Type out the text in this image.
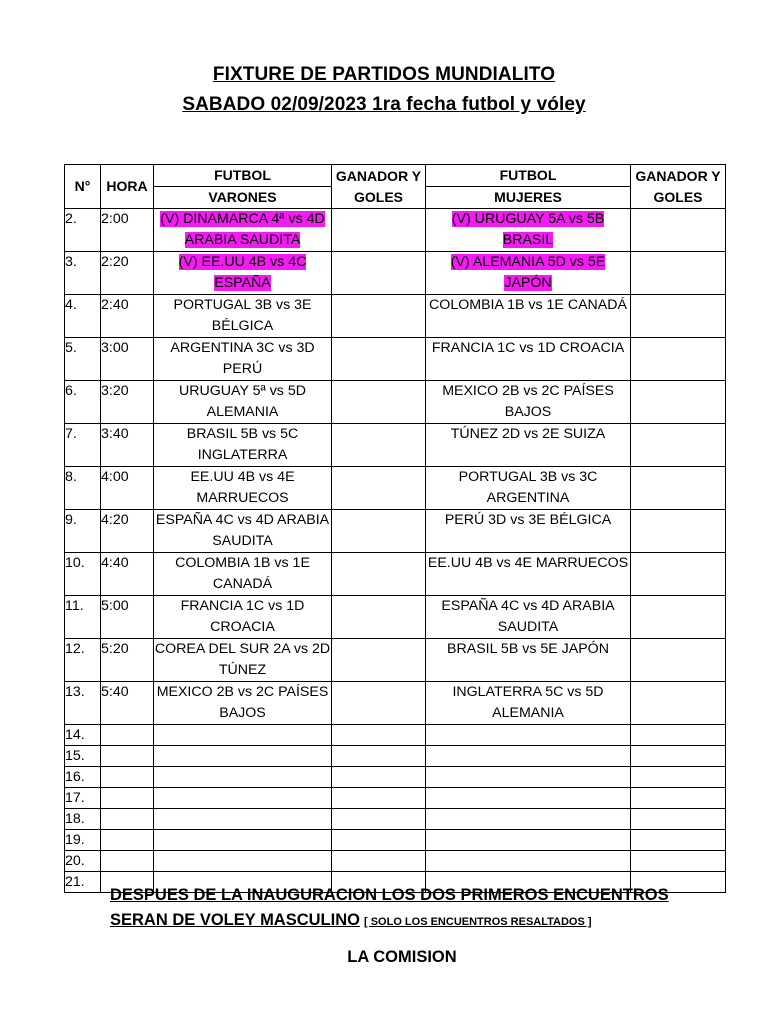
FIXTURE DE PARTIDOS MUNDIALITO
SABADO 02/09/2023 1ra fecha futbol y vóley
N°	HORA	FUTBOL	GANADOR Y GOLES	FUTBOL	GANADOR Y GOLES
		VARONES		MUJERES	
2.	2:00	(V) DINAMARCA 4ª vs 4D ARABIA SAUDITA		(V) URUGUAY 5A vs 5B BRASIL	
3.	2:20	(V) EE.UU 4B vs 4C ESPAÑA		(V) ALEMANIA 5D vs 5E JAPÓN	
4.	2:40	PORTUGAL 3B vs 3E BÉLGICA		COLOMBIA 1B vs 1E CANADÁ	
5.	3:00	ARGENTINA 3C vs 3D PERÚ		FRANCIA 1C vs 1D CROACIA	
6.	3:20	URUGUAY 5ª vs 5D ALEMANIA		MEXICO 2B vs 2C PAÍSES BAJOS	
7.	3:40	BRASIL 5B vs 5C INGLATERRA		TÚNEZ 2D vs 2E SUIZA	
8.	4:00	EE.UU 4B vs 4E MARRUECOS		PORTUGAL 3B vs 3C ARGENTINA	
9.	4:20	ESPAÑA 4C vs 4D ARABIA SAUDITA		PERÚ 3D vs 3E BÉLGICA	
10.	4:40	COLOMBIA 1B vs 1E CANADÁ		EE.UU 4B vs 4E MARRUECOS	
11.	5:00	FRANCIA 1C vs 1D CROACIA		ESPAÑA 4C vs 4D ARABIA SAUDITA	
12.	5:20	COREA DEL SUR 2A vs 2D TÚNEZ		BRASIL 5B vs 5E JAPÓN	
13.	5:40	MEXICO 2B vs 2C PAÍSES BAJOS		INGLATERRA 5C vs 5D ALEMANIA	
14.					
15.					
16.					
17.					
18.					
19.					
20.					
21.					
DESPUES DE LA INAUGURACION LOS DOS PRIMEROS ENCUENTROS
SERAN DE VOLEY MASCULINO [ SOLO LOS ENCUENTROS RESALTADOS ]
LA COMISION
